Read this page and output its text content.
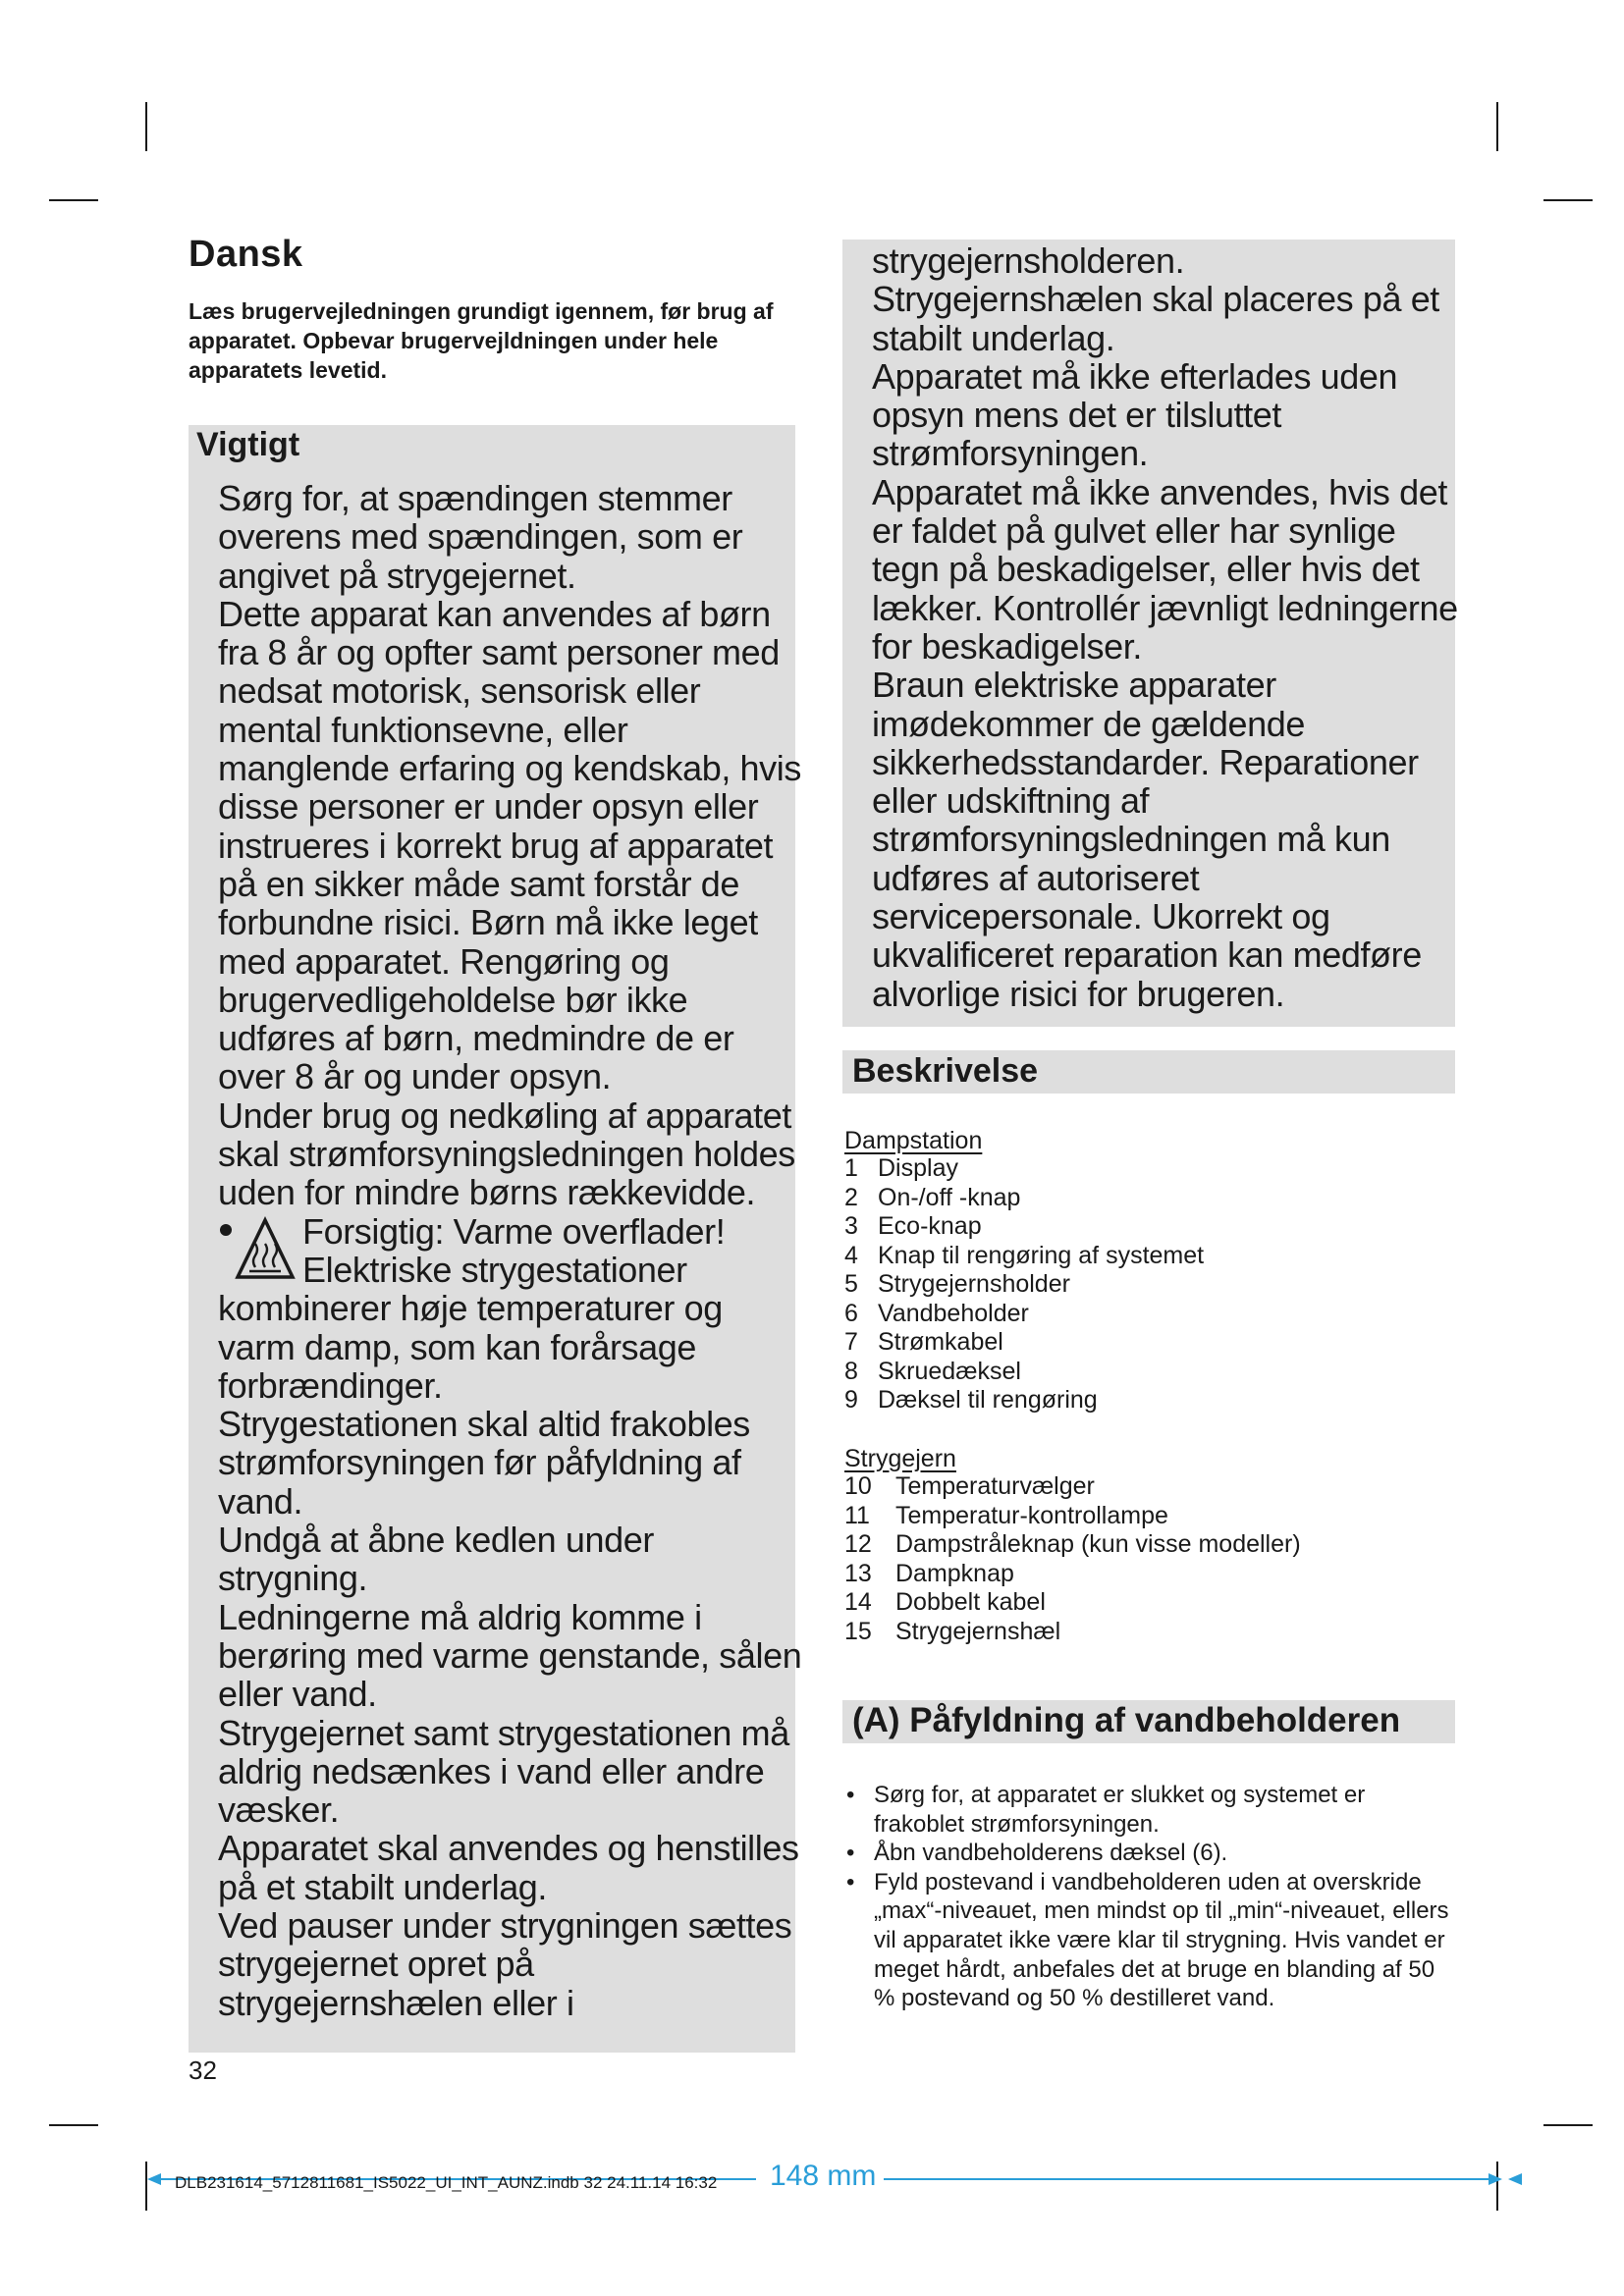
Dansk
Læs brugervejledningen grundigt igennem, før brug af apparatet. Opbevar brugervejldningen under hele apparatets levetid.
Vigtigt

Sørg for, at spændingen stemmer overens med spændingen, som er angivet på strygejernet.

Dette apparat kan anvendes af børn fra 8 år og opfter samt personer med nedsat motorisk, sensorisk eller mental funktionsevne, eller manglende erfaring og kendskab, hvis disse personer er under opsyn eller instrueres i korrekt brug af apparatet på en sikker måde samt forstår de forbundne risici. Børn må ikke leget med apparatet. Rengøring og brugervedligeholdelse bør ikke udføres af børn, medmindre de er over 8 år og under opsyn.

Under brug og nedkøling af apparatet skal strømforsyningsledningen holdes uden for mindre børns rækkevidde.

Forsigtig: Varme overflader!
Elektriske strygestationer

kombinerer høje temperaturer og varm damp, som kan forårsage forbrændinger.

Strygestationen skal altid frakobles strømforsyningen før påfyldning af vand.

Undgå at åbne kedlen under strygning.

Ledningerne må aldrig komme i berøring med varme genstande, sålen eller vand.

Strygejernet samt strygestationen må aldrig nedsænkes i vand eller andre væsker.

Apparatet skal anvendes og henstilles på et stabilt underlag.

Ved pauser under strygningen sættes strygejernet opret på strygejernshælen eller i

32

strygejernsholderen.

Strygejernshælen skal placeres på et stabilt underlag.

Apparatet må ikke efterlades uden opsyn mens det er tilsluttet strømforsyningen.

Apparatet må ikke anvendes, hvis det er faldet på gulvet eller har synlige tegn på beskadigelser, eller hvis det lækker. Kontrollér jævnligt ledningerne for beskadigelser.

Braun elektriske apparater imødekommer de gældende sikkerhedsstandarder. Reparationer eller udskiftning af strømforsyningsledningen må kun udføres af autoriseret servicepersonale. Ukorrekt og ukvalificeret reparation kan medføre alvorlige risici for brugeren.

Beskrivelse
Dampstation
1 Display
2 On-/off -knap
3 Eco-knap
4 Knap til rengøring af systemet
5 Strygejernsholder
6 Vandbeholder
7 Strømkabel
8 Skruedæksel
9 Dæksel til rengøring
Strygejern
10 Temperaturvælger
11	Temperatur-kontrollampe
12 Dampstråleknap (kun visse modeller)
13 Dampknap
14 Dobbelt kabel
15 Strygejernshæl
(A) Påfyldning af vandbeholderen
• Sørg for, at apparatet er slukket og systemet er frakoblet strømforsyningen.
• Åbn vandbeholderens dæksel (6).
• Fyld postevand i vandbeholderen uden at overskride „max“-niveauet, men mindst op til „min“-niveauet, ellers vil apparatet ikke være klar til strygning. Hvis vandet er meget hårdt, anbefales det at bruge en blanding af 50 % postevand og 50 % destilleret vand.
DLB231614_5712811681_IS5022_UI_INT_AUNZ.indb 32 24.11.14 16:32 148 mm
